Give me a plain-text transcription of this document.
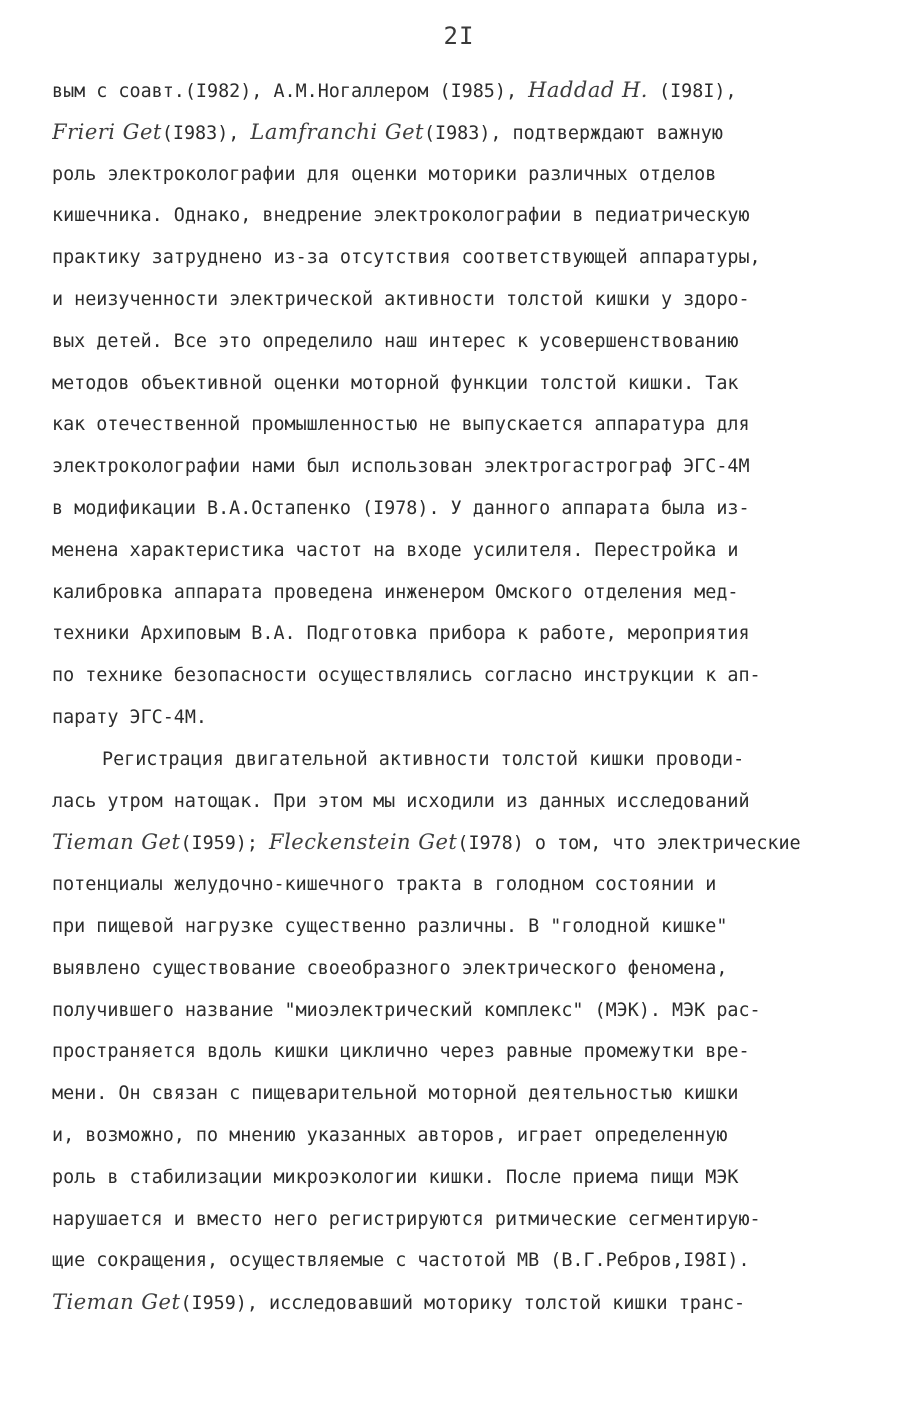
2I
вым с соавт.(I982), А.М.Ногаллером (I985), Haddad H. (I98I),
Frieri Get(I983), Lamfranchi Get(I983), подтверждают важную
роль электроколографии для оценки моторики различных отделов
кишечника. Однако, внедрение электроколографии в педиатрическую
практику затруднено из-за отсутствия соответствующей аппаратуры,
и неизученности электрической активности толстой кишки у здоро-
вых детей. Все это определило наш интерес к усовершенствованию
методов объективной оценки моторной функции толстой кишки. Так
как отечественной промышленностью не выпускается аппаратура для
электроколографии нами был использован электрогастрограф ЭГС-4М
в модификации В.А.Остапенко (I978). У данного аппарата была из-
менена характеристика частот на входе усилителя. Перестройка и
калибровка аппарата проведена инженером Омского отделения мед-
техники Архиповым В.А. Подготовка прибора к работе, мероприятия
по технике безопасности осуществлялись согласно инструкции к ап-
парату ЭГС-4М.
Регистрация двигательной активности толстой кишки проводи-
лась утром натощак. При этом мы исходили из данных исследований
Tieman Get(I959); Fleckenstein Get(I978) о том, что электрические
потенциалы желудочно-кишечного тракта в голодном состоянии и
при пищевой нагрузке существенно различны. В "голодной кишке"
выявлено существование своеобразного электрического феномена,
получившего название "миоэлектрический комплекс" (МЭК). МЭК рас-
пространяется вдоль кишки циклично через равные промежутки вре-
мени. Он связан с пищеварительной моторной деятельностью кишки
и, возможно, по мнению указанных авторов, играет определенную
роль в стабилизации микроэкологии кишки. После приема пищи МЭК
нарушается и вместо него регистрируются ритмические сегментирую-
щие сокращения, осуществляемые с частотой МВ (В.Г.Ребров,I98I).
Tieman Get(I959), исследовавший моторику толстой кишки транс-
